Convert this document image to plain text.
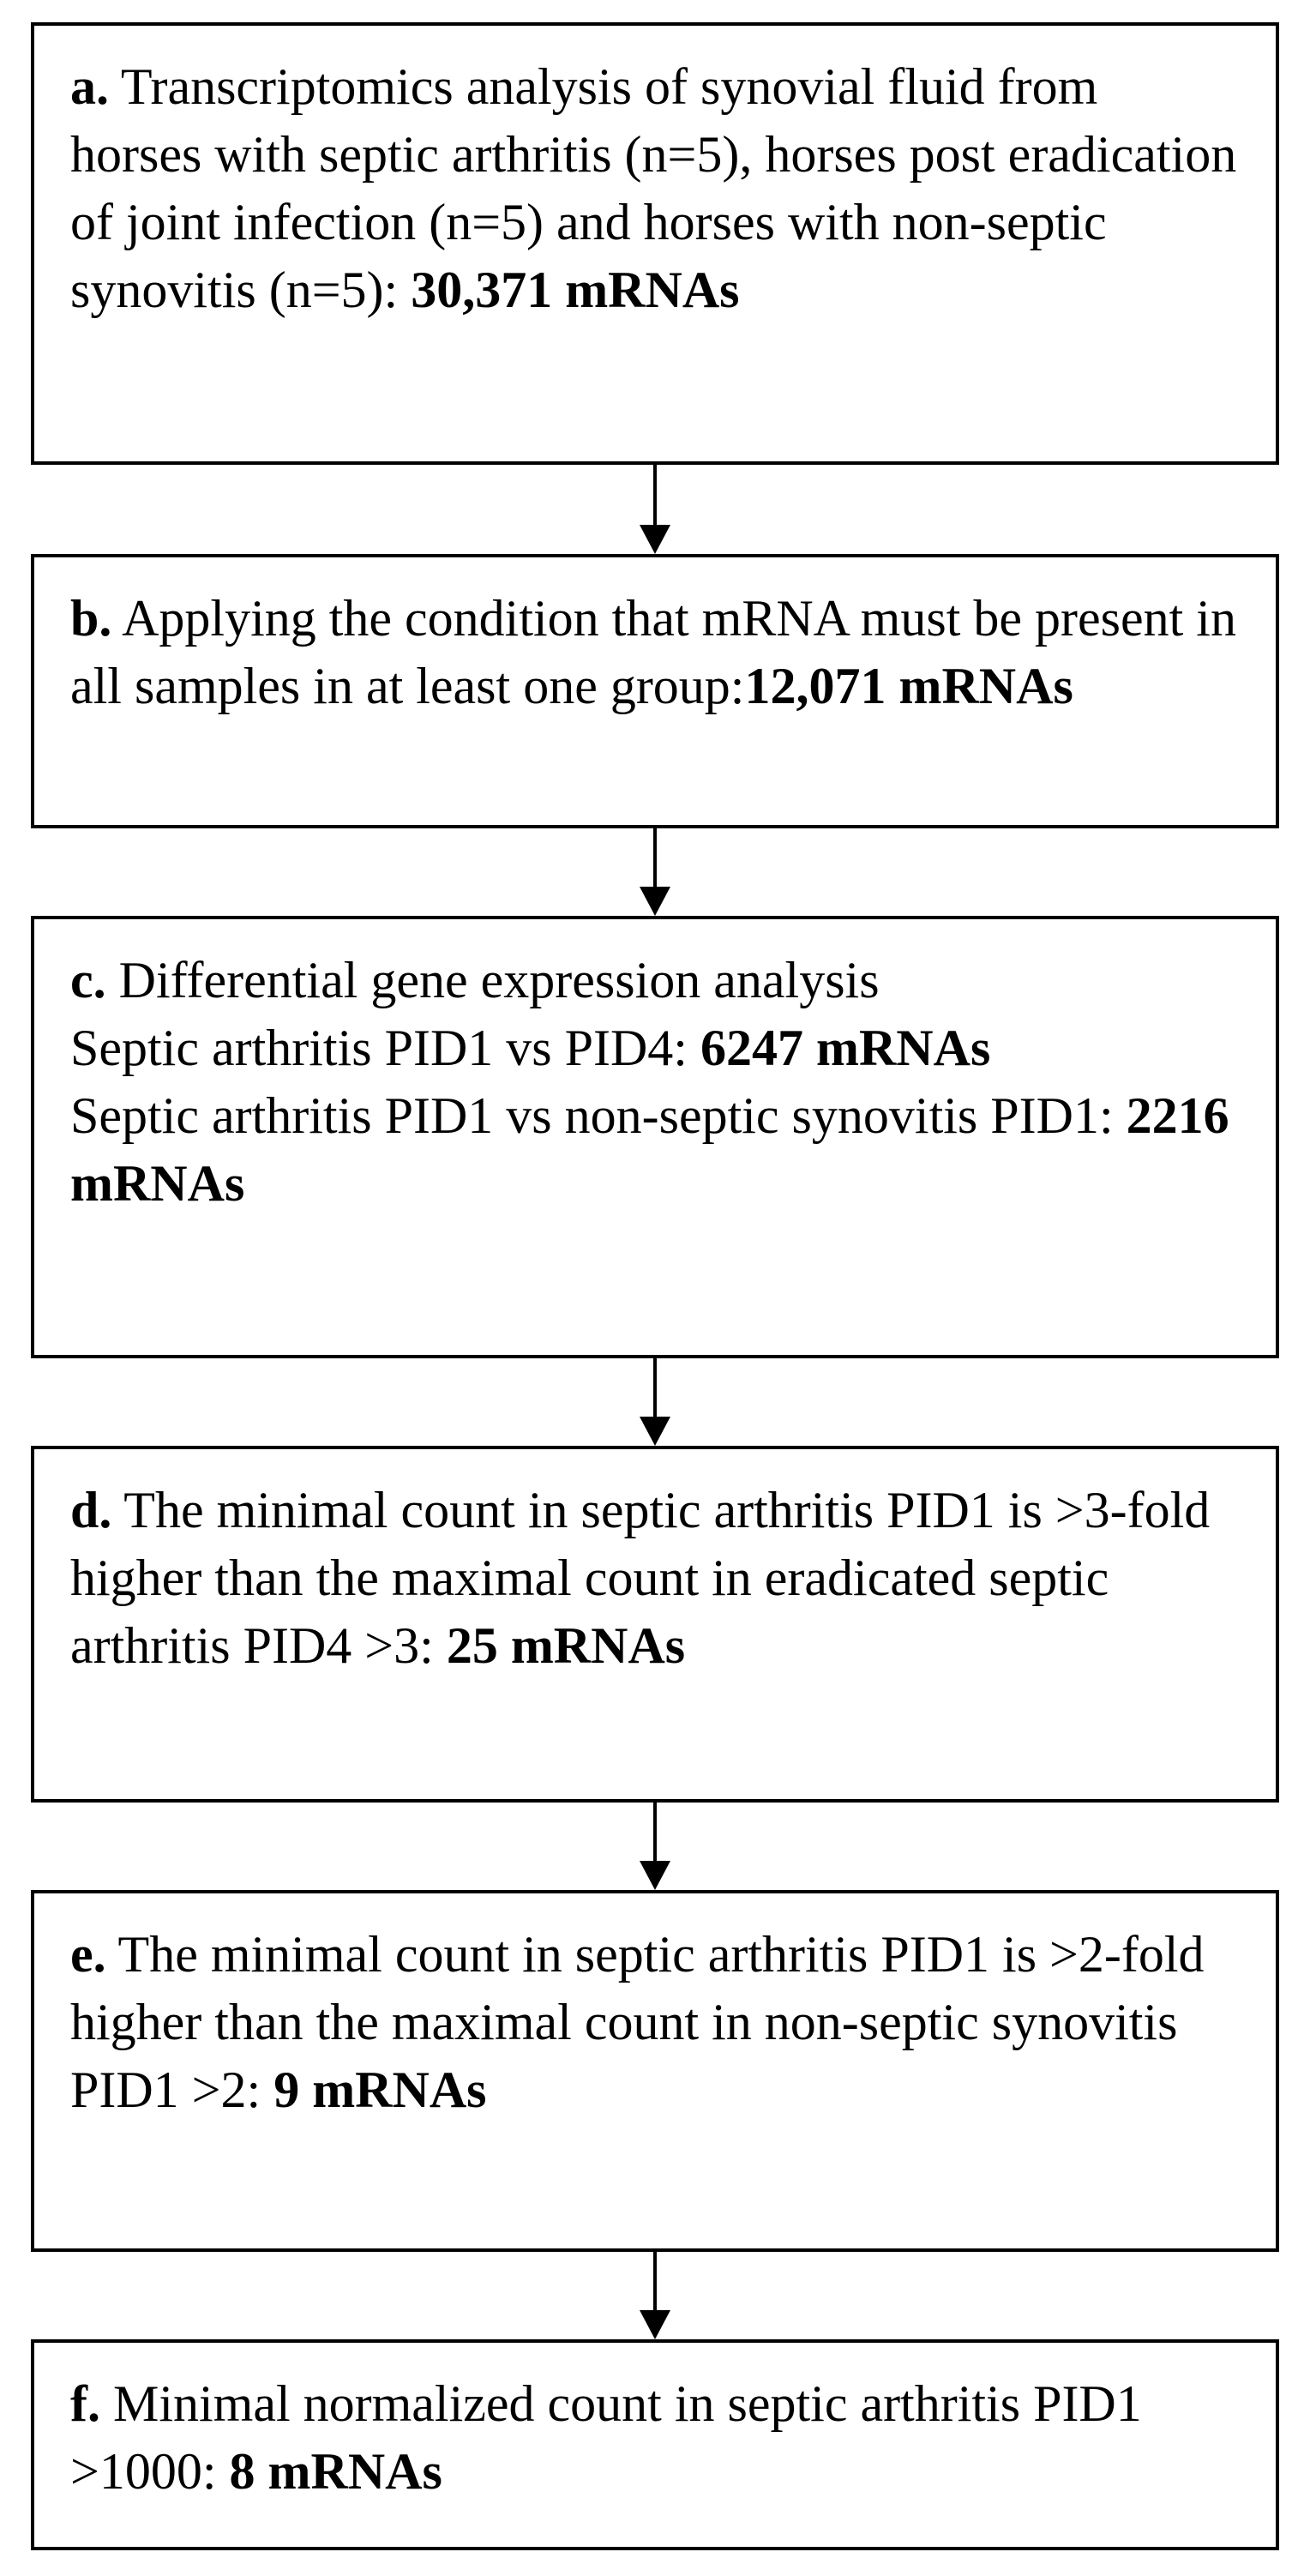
a. Transcriptomics analysis of synovial fluid from horses with septic arthritis (n=5), horses post eradication of joint infection (n=5) and horses with non-septic synovitis (n=5): 30,371 mRNAs

b. Applying the condition that mRNA must be present in all samples in at least one group:12,071 mRNAs

c. Differential gene expression analysis

Septic arthritis PID1 vs PID4: 6247 mRNAs

Septic arthritis PID1 vs non-septic synovitis PID1: 2216 mRNAs

d. The minimal count in septic arthritis PID1 is >3-fold higher than the maximal count in eradicated septic arthritis PID4 >3: 25 mRNAs

e. The minimal count in septic arthritis PID1 is >2-fold higher than the maximal count in non-septic synovitis PID1 >2: 9 mRNAs

f. Minimal normalized count in septic arthritis PID1 >1000: 8 mRNAs
